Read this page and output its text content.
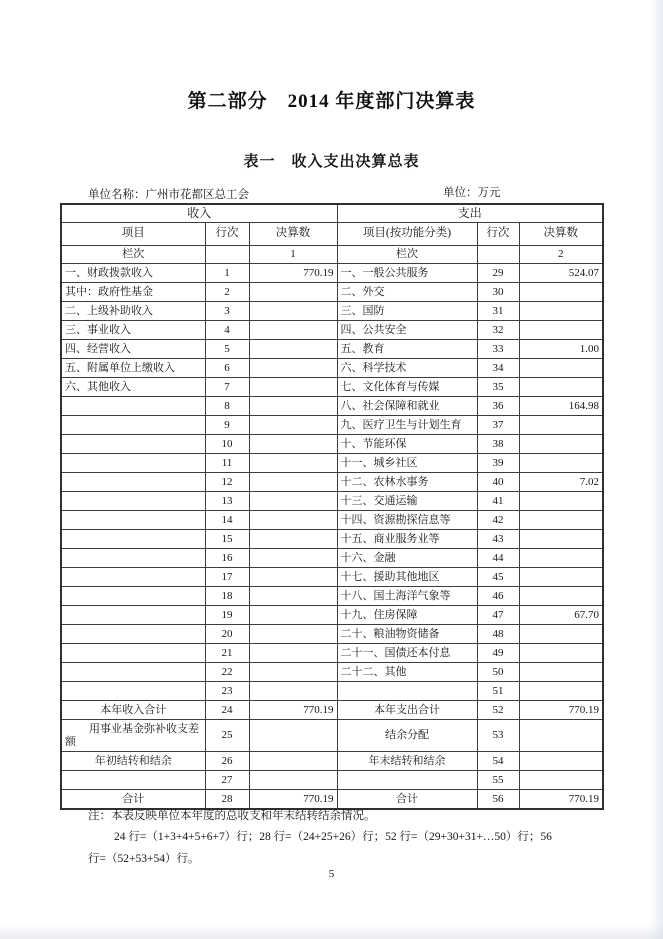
第二部分　2014 年度部门决算表
表一　收入支出决算总表
单位名称：广州市花都区总工会	单位：万元
收入			支出		
项目	行次	决算数	项目(按功能分类)	行次	决算数
栏次		1	栏次		2
一、财政拨款收入	1	770.19	一、一般公共服务	29	524.07
其中：政府性基金	2		二、外交	30	
二、上级补助收入	3		三、国防	31	
三、事业收入	4		四、公共安全	32	
四、经营收入	5		五、教育	33	1.00
五、附属单位上缴收入	6		六、科学技术	34	
六、其他收入	7		七、文化体育与传媒	35	
	8		八、社会保障和就业	36	164.98
	9		九、医疗卫生与计划生育	37	
	10		十、节能环保	38	
	11		十一、城乡社区	39	
	12		十二、农林水事务	40	7.02
	13		十三、交通运输	41	
	14		十四、资源勘探信息等	42	
	15		十五、商业服务业等	43	
	16		十六、金融	44	
	17		十七、援助其他地区	45	
	18		十八、国土海洋气象等	46	
	19		十九、住房保障	47	67.70
	20		二十、粮油物资储备	48	
	21		二十一、国债还本付息	49	
	22		二十二、其他	50	
	23			51	
本年收入合计	24	770.19	本年支出合计	52	770.19
用事业基金弥补收支差额	25		结余分配	53	
年初结转和结余	26		年末结转和结余	54	
	27			55	
合计	28	770.19	合计	56	770.19
注：本表反映单位本年度的总收支和年末结转结余情况。
24 行=（1+3+4+5+6+7）行；28 行=（24+25+26）行；52 行=（29+30+31+…50）行；56
行=（52+53+54）行。
5
